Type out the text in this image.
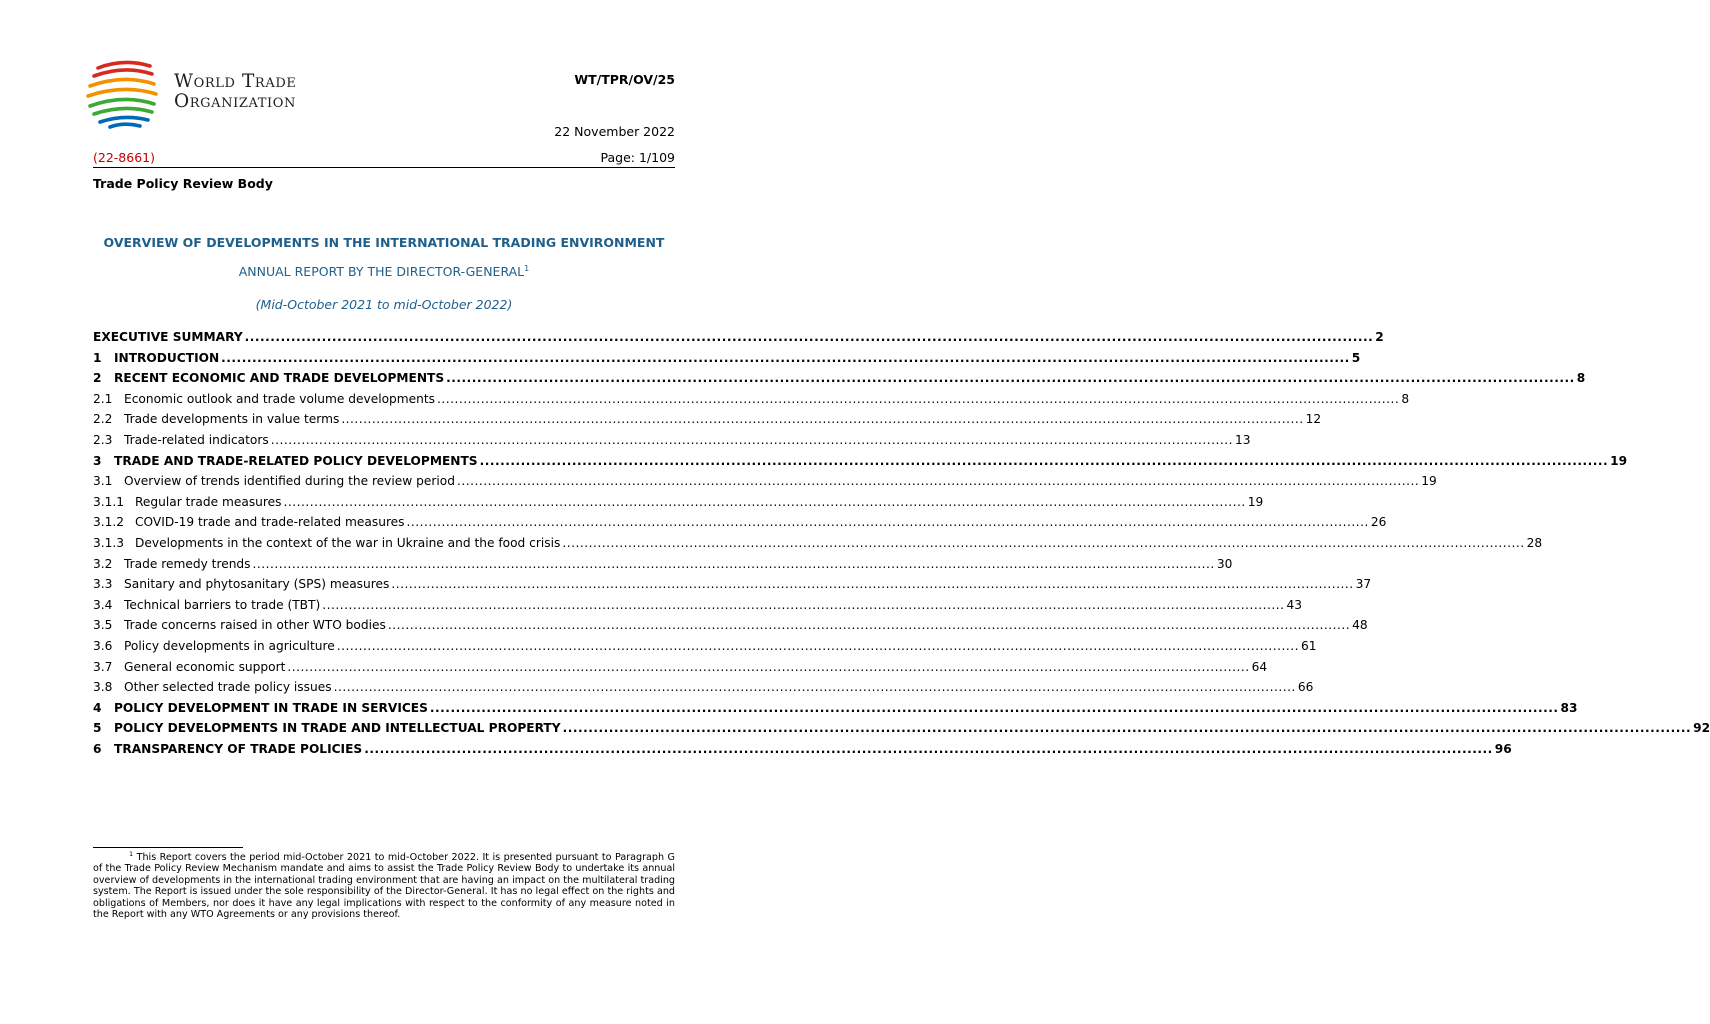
World Trade
Organization
WT/TPR/OV/25
22 November 2022
(22-8661)	Page: 1/109
Trade Policy Review Body
OVERVIEW OF DEVELOPMENTS IN THE INTERNATIONAL TRADING ENVIRONMENT
ANNUAL REPORT BY THE DIRECTOR-GENERAL$^1$
(Mid-October 2021 to mid-October 2022)
EXECUTIVE SUMMARY ............................................................................................................................................................................................................................ 2
1	INTRODUCTION ............................................................................................................................................................................................................................ 5
2	RECENT ECONOMIC AND TRADE DEVELOPMENTS ............................................................................................................................................................................................................................ 8
2.1 Economic outlook and trade volume developments ............................................................................................................................................................................................................................ 8
2.2 Trade developments in value terms ............................................................................................................................................................................................................................ 12
2.3 Trade-related indicators ............................................................................................................................................................................................................................ 13
3	TRADE AND TRADE-RELATED POLICY DEVELOPMENTS ............................................................................................................................................................................................................................ 19
3.1 Overview of trends identified during the review period ............................................................................................................................................................................................................................ 19
3.1.1 Regular trade measures ............................................................................................................................................................................................................................ 19
3.1.2 COVID-19 trade and trade-related measures ............................................................................................................................................................................................................................ 26
3.1.3 Developments in the context of the war in Ukraine and the food crisis ............................................................................................................................................................................................................................ 28
3.2 Trade remedy trends ............................................................................................................................................................................................................................ 30
3.3 Sanitary and phytosanitary (SPS) measures ............................................................................................................................................................................................................................ 37
3.4 Technical barriers to trade (TBT) ............................................................................................................................................................................................................................ 43
3.5 Trade concerns raised in other WTO bodies ............................................................................................................................................................................................................................ 48
3.6 Policy developments in agriculture ............................................................................................................................................................................................................................ 61
3.7 General economic support ............................................................................................................................................................................................................................ 64
3.8 Other selected trade policy issues ............................................................................................................................................................................................................................ 66
4	POLICY DEVELOPMENT IN TRADE IN SERVICES ............................................................................................................................................................................................................................ 83
5	POLICY DEVELOPMENTS IN TRADE AND INTELLECTUAL PROPERTY ............................................................................................................................................................................................................................ 92
6	TRANSPARENCY OF TRADE POLICIES ............................................................................................................................................................................................................................ 96
$^1$ This Report covers the period mid-October 2021 to mid-October 2022. It is presented pursuant to Paragraph G of the Trade Policy Review Mechanism mandate and aims to assist the Trade Policy Review Body to undertake its annual overview of developments in the international trading environment that are having an impact on the multilateral trading system. The Report is issued under the sole responsibility of the Director-General. It has no legal effect on the rights and obligations of Members, nor does it have any legal implications with respect to the conformity of any measure noted in the Report with any WTO Agreements or any provisions thereof.
